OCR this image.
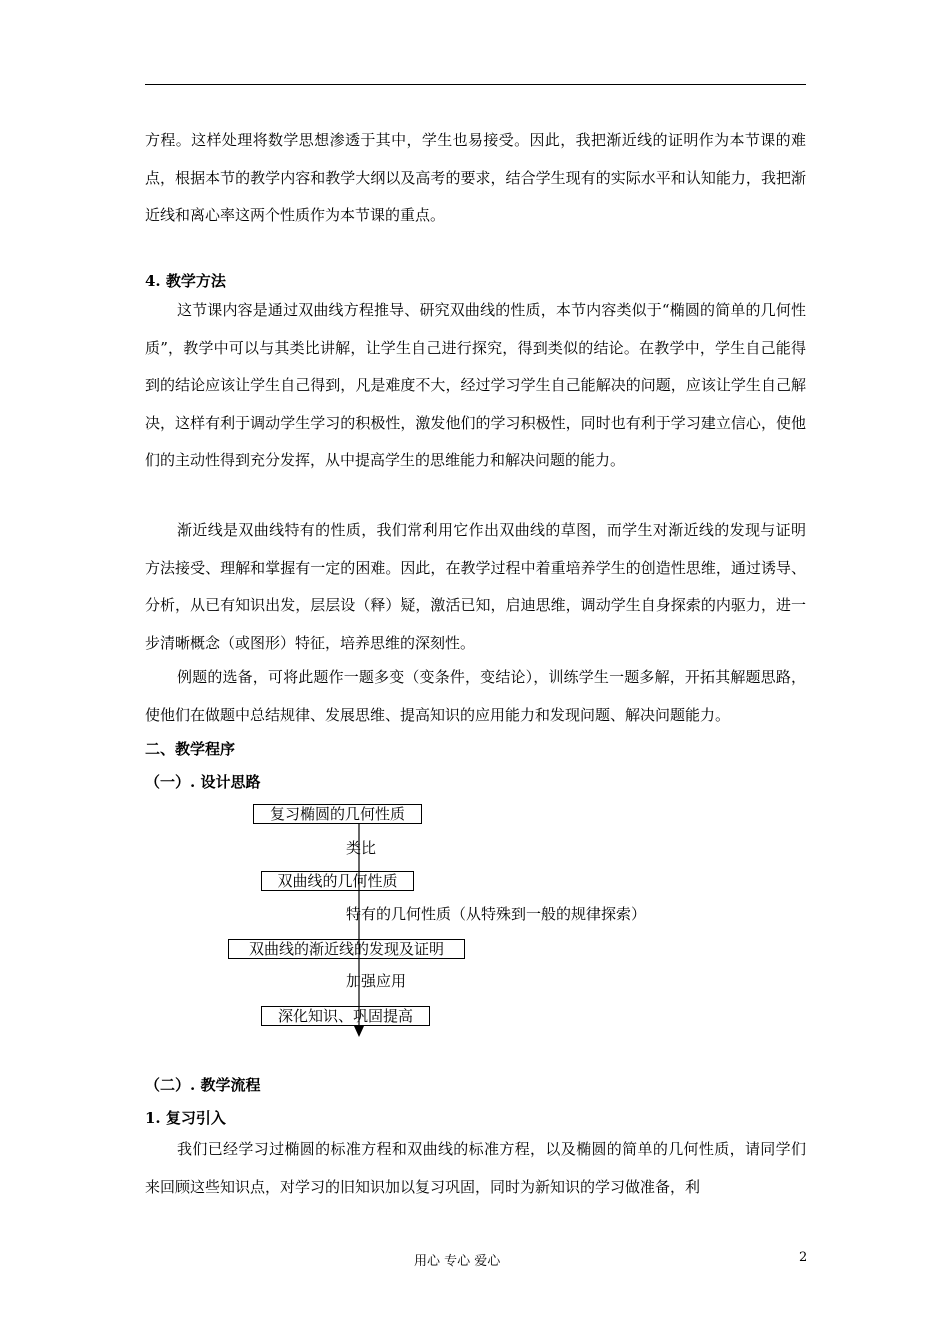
方程。这样处理将数学思想渗透于其中，学生也易接受。因此，我把渐近线的证明作为本节课的难点，根据本节的教学内容和教学大纲以及高考的要求，结合学生现有的实际水平和认知能力，我把渐近线和离心率这两个性质作为本节课的重点。

4. 教学方法

这节课内容是通过双曲线方程推导、研究双曲线的性质，本节内容类似于“椭圆的简单的几何性质”，教学中可以与其类比讲解，让学生自己进行探究，得到类似的结论。在教学中，学生自己能得到的结论应该让学生自己得到，凡是难度不大，经过学习学生自己能解决的问题，应该让学生自己解决，这样有利于调动学生学习的积极性，激发他们的学习积极性，同时也有利于学习建立信心，使他们的主动性得到充分发挥，从中提高学生的思维能力和解决问题的能力。

渐近线是双曲线特有的性质，我们常利用它作出双曲线的草图，而学生对渐近线的发现与证明方法接受、理解和掌握有一定的困难。因此，在教学过程中着重培养学生的创造性思维，通过诱导、分析，从已有知识出发，层层设（释）疑，激活已知，启迪思维，调动学生自身探索的内驱力，进一步清晰概念（或图形）特征，培养思维的深刻性。

例题的选备，可将此题作一题多变（变条件，变结论），训练学生一题多解，开拓其解题思路，使他们在做题中总结规律、发展思维、提高知识的应用能力和发现问题、解决问题能力。

二、教学程序
（一）. 设计思路
复习椭圆的几何性质
类比
双曲线的几何性质
特有的几何性质（从特殊到一般的规律探索）
双曲线的渐近线的发现及证明
加强应用
深化知识、巩固提高
（二）. 教学流程
1. 复习引入

我们已经学习过椭圆的标准方程和双曲线的标准方程，以及椭圆的简单的几何性质，请同学们来回顾这些知识点，对学习的旧知识加以复习巩固，同时为新知识的学习做准备，利

用心 专心 爱心	2
